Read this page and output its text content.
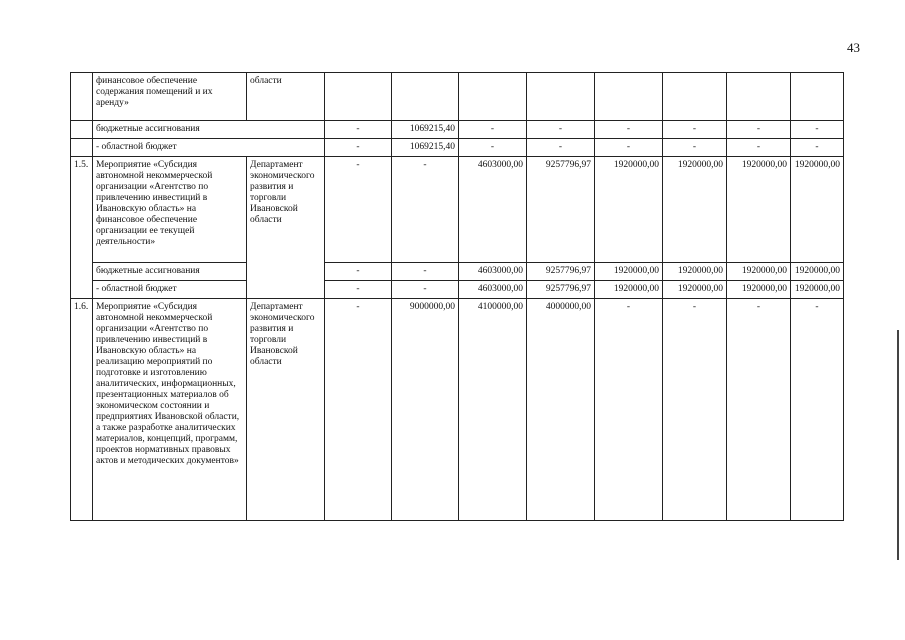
43
	финансовое обеспечение содержания помещений и их аренду»	области								
	бюджетные ассигнования		-	1069215,40	-	-	-	-	-	-
	- областной бюджет		-	1069215,40	-	-	-	-	-	-
1.5.	Мероприятие «Субсидия автономной некоммерческой организации «Агентство по привлечению инвестиций в Ивановскую область» на финансовое обеспечение организации ее текущей деятельности»	Департамент экономического развития и торговли Ивановской области	-	-	4603000,00	9257796,97	1920000,00	1920000,00	1920000,00	1920000,00
	бюджетные ассигнования		-	-	4603000,00	9257796,97	1920000,00	1920000,00	1920000,00	1920000,00
	- областной бюджет		-	-	4603000,00	9257796,97	1920000,00	1920000,00	1920000,00	1920000,00
1.6.	Мероприятие «Субсидия автономной некоммерческой организации «Агентство по привлечению инвестиций в Ивановскую область» на реализацию мероприятий по подготовке и изготовлению аналитических, информационных, презентационных материалов об экономическом состоянии и предприятиях Ивановской области, а также разработке аналитических материалов, концепций, программ, проектов нормативных правовых актов и методических документов»	Департамент экономического развития и торговли Ивановской области	-	9000000,00	4100000,00	4000000,00	-	-	-	-
